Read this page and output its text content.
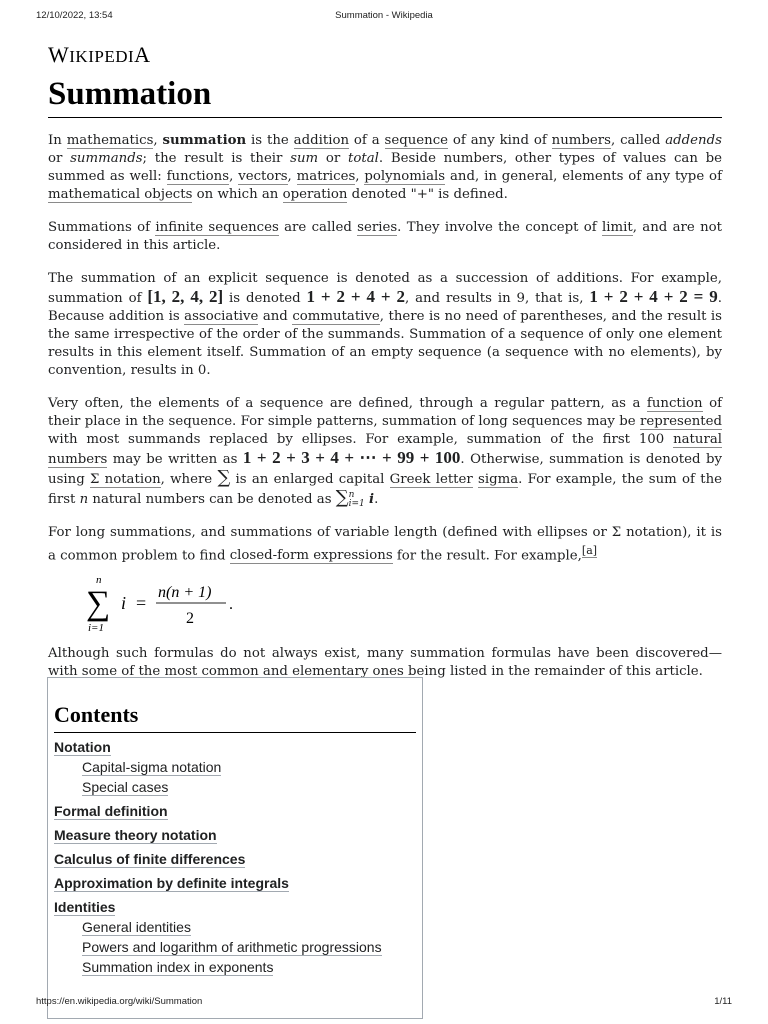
12/10/2022, 13:54	Summation - Wikipedia
WIKIPEDIA
Summation

In mathematics, summation is the addition of a sequence of any kind of numbers, called addends or summands; the result is their sum or total. Beside numbers, other types of values can be summed as well: functions, vectors, matrices, polynomials and, in general, elements of any type of mathematical objects on which an operation denoted "+" is defined.

Summations of infinite sequences are called series. They involve the concept of limit, and are not considered in this article.

The summation of an explicit sequence is denoted as a succession of additions. For example, summation of [1, 2, 4, 2] is denoted 1 + 2 + 4 + 2, and results in 9, that is, 1 + 2 + 4 + 2 = 9. Because addition is associative and commutative, there is no need of parentheses, and the result is the same irrespective of the order of the summands. Summation of a sequence of only one element results in this element itself. Summation of an empty sequence (a sequence with no elements), by convention, results in 0.

Very often, the elements of a sequence are defined, through a regular pattern, as a function of their place in the sequence. For simple patterns, summation of long sequences may be represented with most summands replaced by ellipses. For example, summation of the first 100 natural numbers may be written as 1 + 2 + 3 + 4 + ⋯ + 99 + 100. Otherwise, summation is denoted by using Σ notation, where ∑ is an enlarged capital Greek letter sigma. For example, the sum of the first n natural numbers can be denoted as ∑n
i=1 i.

For long summations, and summations of variable length (defined with ellipses or Σ notation), it is a common problem to find closed-form expressions for the result. For example,[a]

n
∑
i=1
i =
n(n + 1)
2
.

Although such formulas do not always exist, many summation formulas have been discovered—with some of the most common and elementary ones being listed in the remainder of this article.

Contents
Notation
Capital-sigma notation
Special cases
Formal definition
Measure theory notation
Calculus of finite differences
Approximation by definite integrals
Identities
General identities
Powers and logarithm of arithmetic progressions
Summation index in exponents
https://en.wikipedia.org/wiki/Summation	1/11
